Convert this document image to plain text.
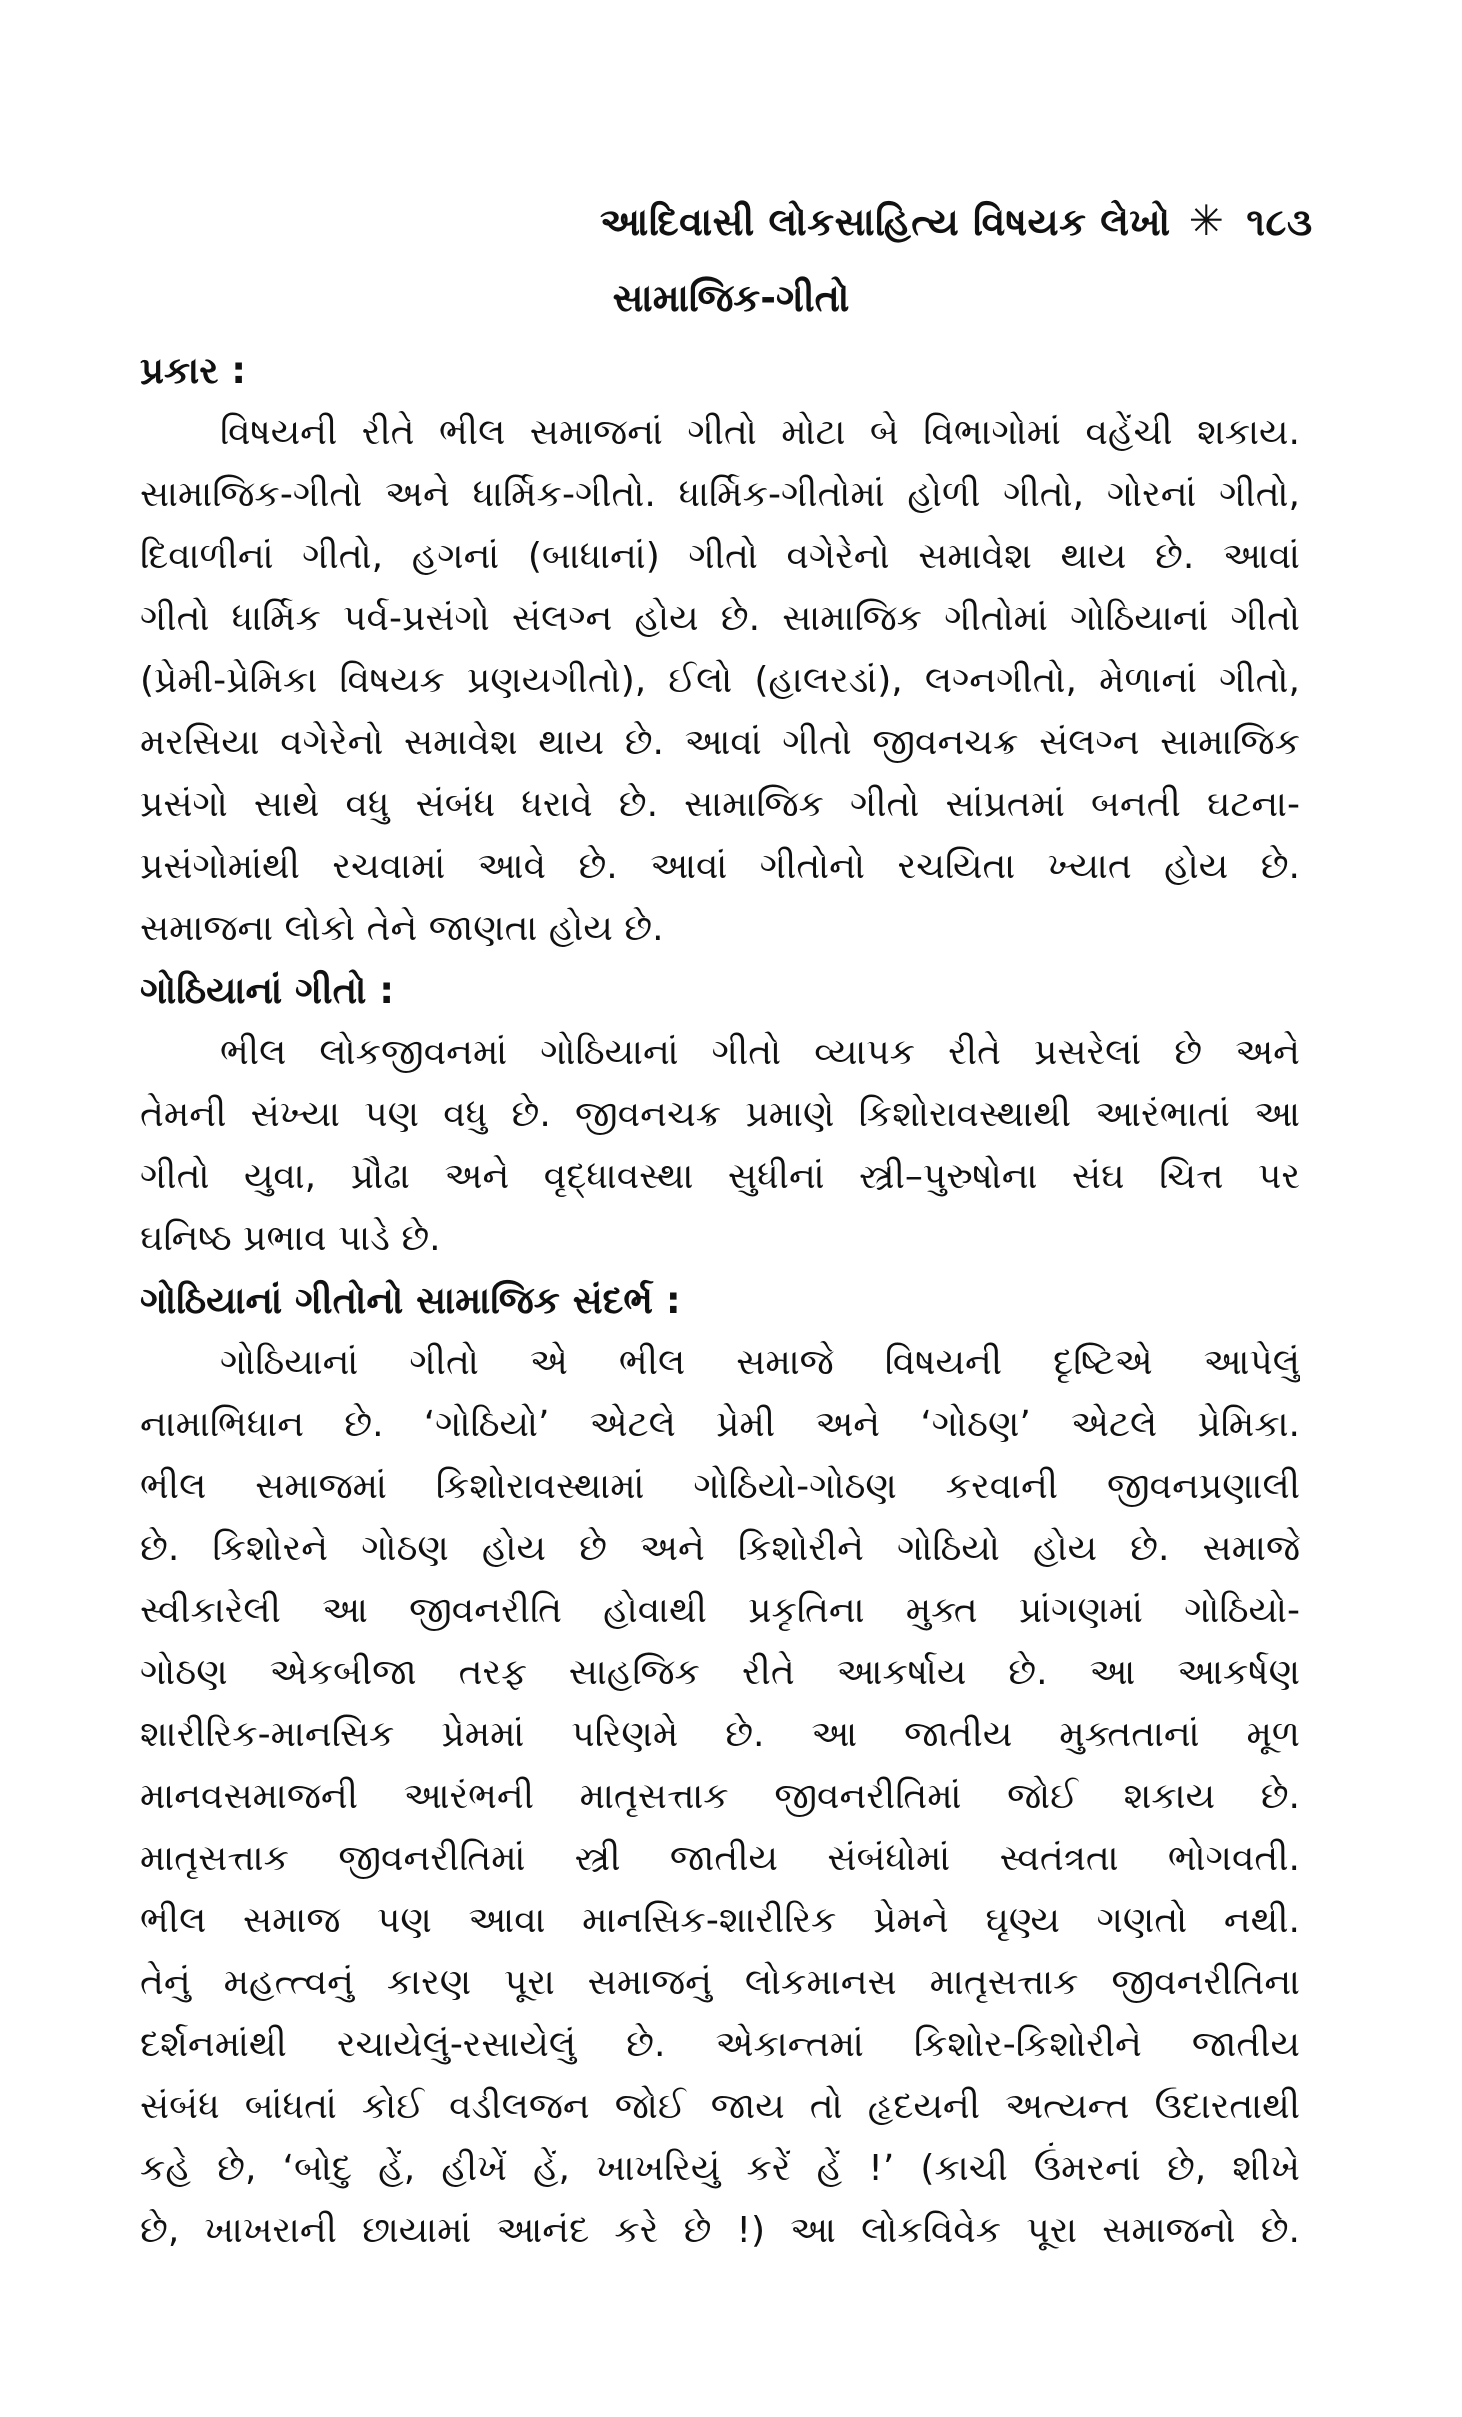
આદિવાસી લોકસાહિત્ય વિષયક લેખો ✳ ૧૮૩
સામાજિક-ગીતો
પ્રકાર :
વિષયની રીતે ભીલ સમાજનાં ગીતો મોટા બે વિભાગોમાં વહેંચી શકાય.
સામાજિક-ગીતો અને ધાર્મિક-ગીતો. ધાર્મિક-ગીતોમાં હોળી ગીતો, ગોરનાં ગીતો,
દિવાળીનાં ગીતો, હગનાં (બાધાનાં) ગીતો વગેરેનો સમાવેશ થાય છે. આવાં
ગીતો ધાર્મિક પર્વ-પ્રસંગો સંલગ્ન હોય છે. સામાજિક ગીતોમાં ગોઠિયાનાં ગીતો
(પ્રેમી-પ્રેમિકા વિષયક પ્રણયગીતો), ઈલો (હાલરડાં), લગ્નગીતો, મેળાનાં ગીતો,
મરસિયા વગેરેનો સમાવેશ થાય છે. આવાં ગીતો જીવનચક્ર સંલગ્ન સામાજિક
પ્રસંગો સાથે વધુ સંબંધ ધરાવે છે. સામાજિક ગીતો સાંપ્રતમાં બનતી ઘટના-
પ્રસંગોમાંથી રચવામાં આવે છે. આવાં ગીતોનો રચયિતા ખ્યાત હોય છે.
સમાજના લોકો તેને જાણતા હોય છે.
ગોઠિયાનાં ગીતો :
ભીલ લોકજીવનમાં ગોઠિયાનાં ગીતો વ્યાપક રીતે પ્રસરેલાં છે અને
તેમની સંખ્યા પણ વધુ છે. જીવનચક્ર પ્રમાણે કિશોરાવસ્થાથી આરંભાતાં આ
ગીતો યુવા, પ્રૌઢા અને વૃદ્ધાવસ્થા સુધીનાં સ્ત્રી–પુરુષોના સંઘ ચિત્ત પર
ઘનિષ્ઠ પ્રભાવ પાડે છે.
ગોઠિયાનાં ગીતોનો સામાજિક સંદર્ભ :
ગોઠિયાનાં ગીતો એ ભીલ સમાજે વિષયની દૃષ્ટિએ આપેલું
નામાભિધાન છે. ‘ગોઠિયો’ એટલે પ્રેમી અને ‘ગોઠણ’ એટલે પ્રેમિકા.
ભીલ સમાજમાં કિશોરાવસ્થામાં ગોઠિયો-ગોઠણ કરવાની જીવનપ્રણાલી
છે. કિશોરને ગોઠણ હોય છે અને કિશોરીને ગોઠિયો હોય છે. સમાજે
સ્વીકારેલી આ જીવનરીતિ હોવાથી પ્રકૃતિના મુક્ત પ્રાંગણમાં ગોઠિયો-
ગોઠણ એકબીજા તરફ સાહજિક રીતે આકર્ષાય છે. આ આકર્ષણ
શારીરિક-માનસિક પ્રેમમાં પરિણમે છે. આ જાતીય મુક્તતાનાં મૂળ
માનવસમાજની આરંભની માતૃસત્તાક જીવનરીતિમાં જોઈ શકાય છે.
માતૃસત્તાક જીવનરીતિમાં સ્ત્રી જાતીય સંબંધોમાં સ્વતંત્રતા ભોગવતી.
ભીલ સમાજ પણ આવા માનસિક-શારીરિક પ્રેમને ઘૃણ્ય ગણતો નથી.
તેનું મહત્ત્વનું કારણ પૂરા સમાજનું લોકમાનસ માતૃસત્તાક જીવનરીતિના
દર્શનમાંથી રચાયેલું-રસાયેલું છે. એકાન્તમાં કિશોર-કિશોરીને જાતીય
સંબંધ બાંધતાં કોઈ વડીલજન જોઈ જાય તો હૃદયની અત્યન્ત ઉદારતાથી
કહે છે, ‘બોદુ હેં, હીખેં હેં, ખાખરિયું કરેં હેં !’ (કાચી ઉંમરનાં છે, શીખે
છે, ખાખરાની છાયામાં આનંદ કરે છે !) આ લોકવિવેક પૂરા સમાજનો છે.
